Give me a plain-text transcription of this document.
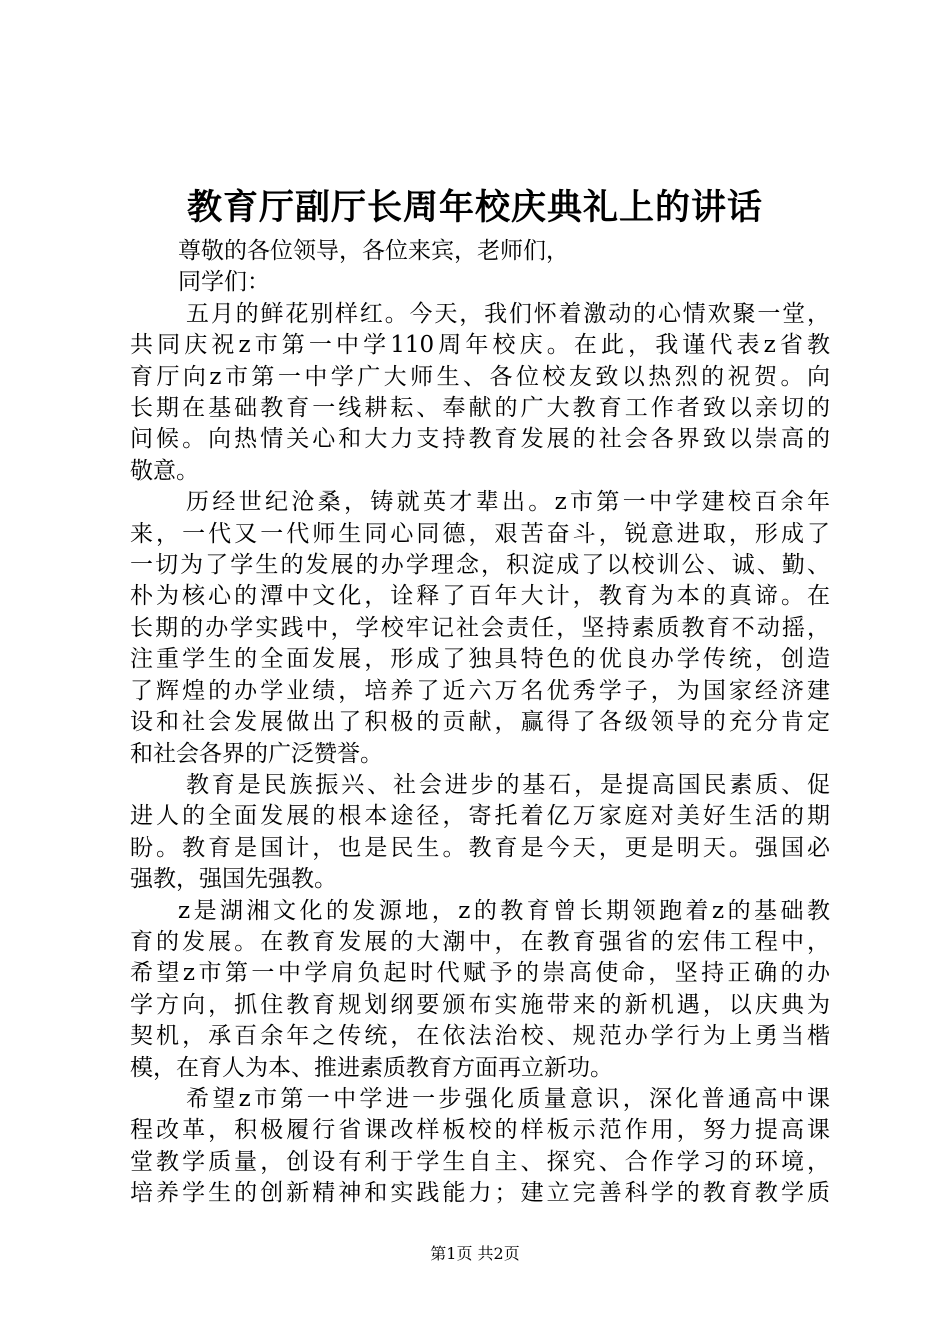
教育厅副厅长周年校庆典礼上的讲话
尊敬的各位领导，各位来宾，老师们，
同学们：
五月的鲜花别样红。今天，我们怀着激动的心情欢聚一堂，
共同庆祝z市第一中学110周年校庆。在此，我谨代表z省教
育厅向z市第一中学广大师生、各位校友致以热烈的祝贺。向
长期在基础教育一线耕耘、奉献的广大教育工作者致以亲切的
问候。向热情关心和大力支持教育发展的社会各界致以崇高的
敬意。
历经世纪沧桑，铸就英才辈出。z市第一中学建校百余年
来，一代又一代师生同心同德，艰苦奋斗，锐意进取，形成了
一切为了学生的发展的办学理念，积淀成了以校训公、诚、勤、
朴为核心的潭中文化，诠释了百年大计，教育为本的真谛。在
长期的办学实践中，学校牢记社会责任，坚持素质教育不动摇，
注重学生的全面发展，形成了独具特色的优良办学传统，创造
了辉煌的办学业绩，培养了近六万名优秀学子，为国家经济建
设和社会发展做出了积极的贡献，赢得了各级领导的充分肯定
和社会各界的广泛赞誉。
教育是民族振兴、社会进步的基石，是提高国民素质、促
进人的全面发展的根本途径，寄托着亿万家庭对美好生活的期
盼。教育是国计，也是民生。教育是今天，更是明天。强国必
强教，强国先强教。
z是湖湘文化的发源地，z的教育曾长期领跑着z的基础教
育的发展。在教育发展的大潮中，在教育强省的宏伟工程中，
希望z市第一中学肩负起时代赋予的崇高使命，坚持正确的办
学方向，抓住教育规划纲要颁布实施带来的新机遇，以庆典为
契机，承百余年之传统，在依法治校、规范办学行为上勇当楷
模，在育人为本、推进素质教育方面再立新功。
希望z市第一中学进一步强化质量意识，深化普通高中课
程改革，积极履行省课改样板校的样板示范作用，努力提高课
堂教学质量，创设有利于学生自主、探究、合作学习的环境，
培养学生的创新精神和实践能力；建立完善科学的教育教学质
第1页 共2页
